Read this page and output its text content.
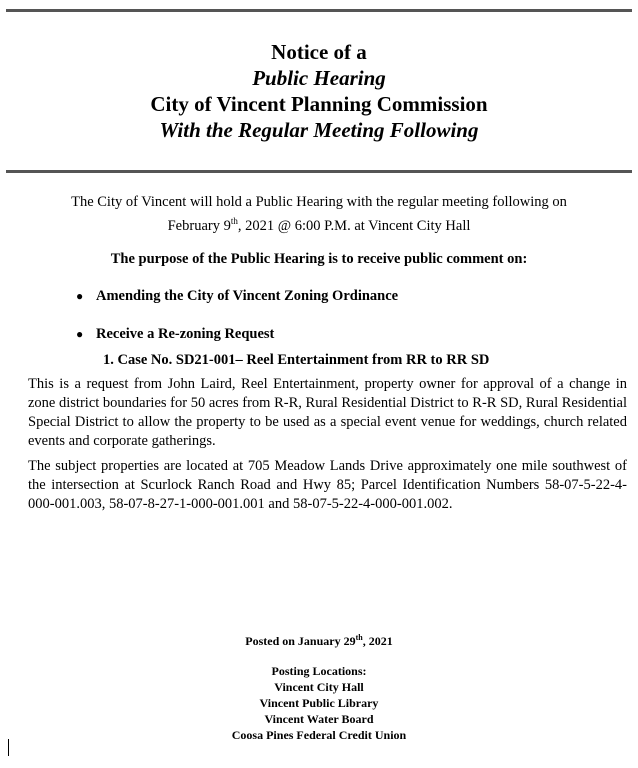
Notice of a
Public Hearing
City of Vincent Planning Commission
With the Regular Meeting Following
The City of Vincent will hold a Public Hearing with the regular meeting following on
February 9th, 2021 @ 6:00 P.M. at Vincent City Hall
The purpose of the Public Hearing is to receive public comment on:
● Amending the City of Vincent Zoning Ordinance
● Receive a Re-zoning Request
1. Case No. SD21-001– Reel Entertainment from RR to RR SD

This is a request from John Laird, Reel Entertainment, property owner for approval of a change in zone district boundaries for 50 acres from R-R, Rural Residential District to R-R SD, Rural Residential Special District to allow the property to be used as a special event venue for weddings, church related events and corporate gatherings.

The subject properties are located at 705 Meadow Lands Drive approximately one mile southwest of the intersection at Scurlock Ranch Road and Hwy 85; Parcel Identification Numbers 58-07-5-22-4-000-001.003, 58-07-8-27-1-000-001.001 and 58-07-5-22-4-000-001.002.

Posted on January 29th, 2021
Posting Locations:
Vincent City Hall
Vincent Public Library
Vincent Water Board
Coosa Pines Federal Credit Union
